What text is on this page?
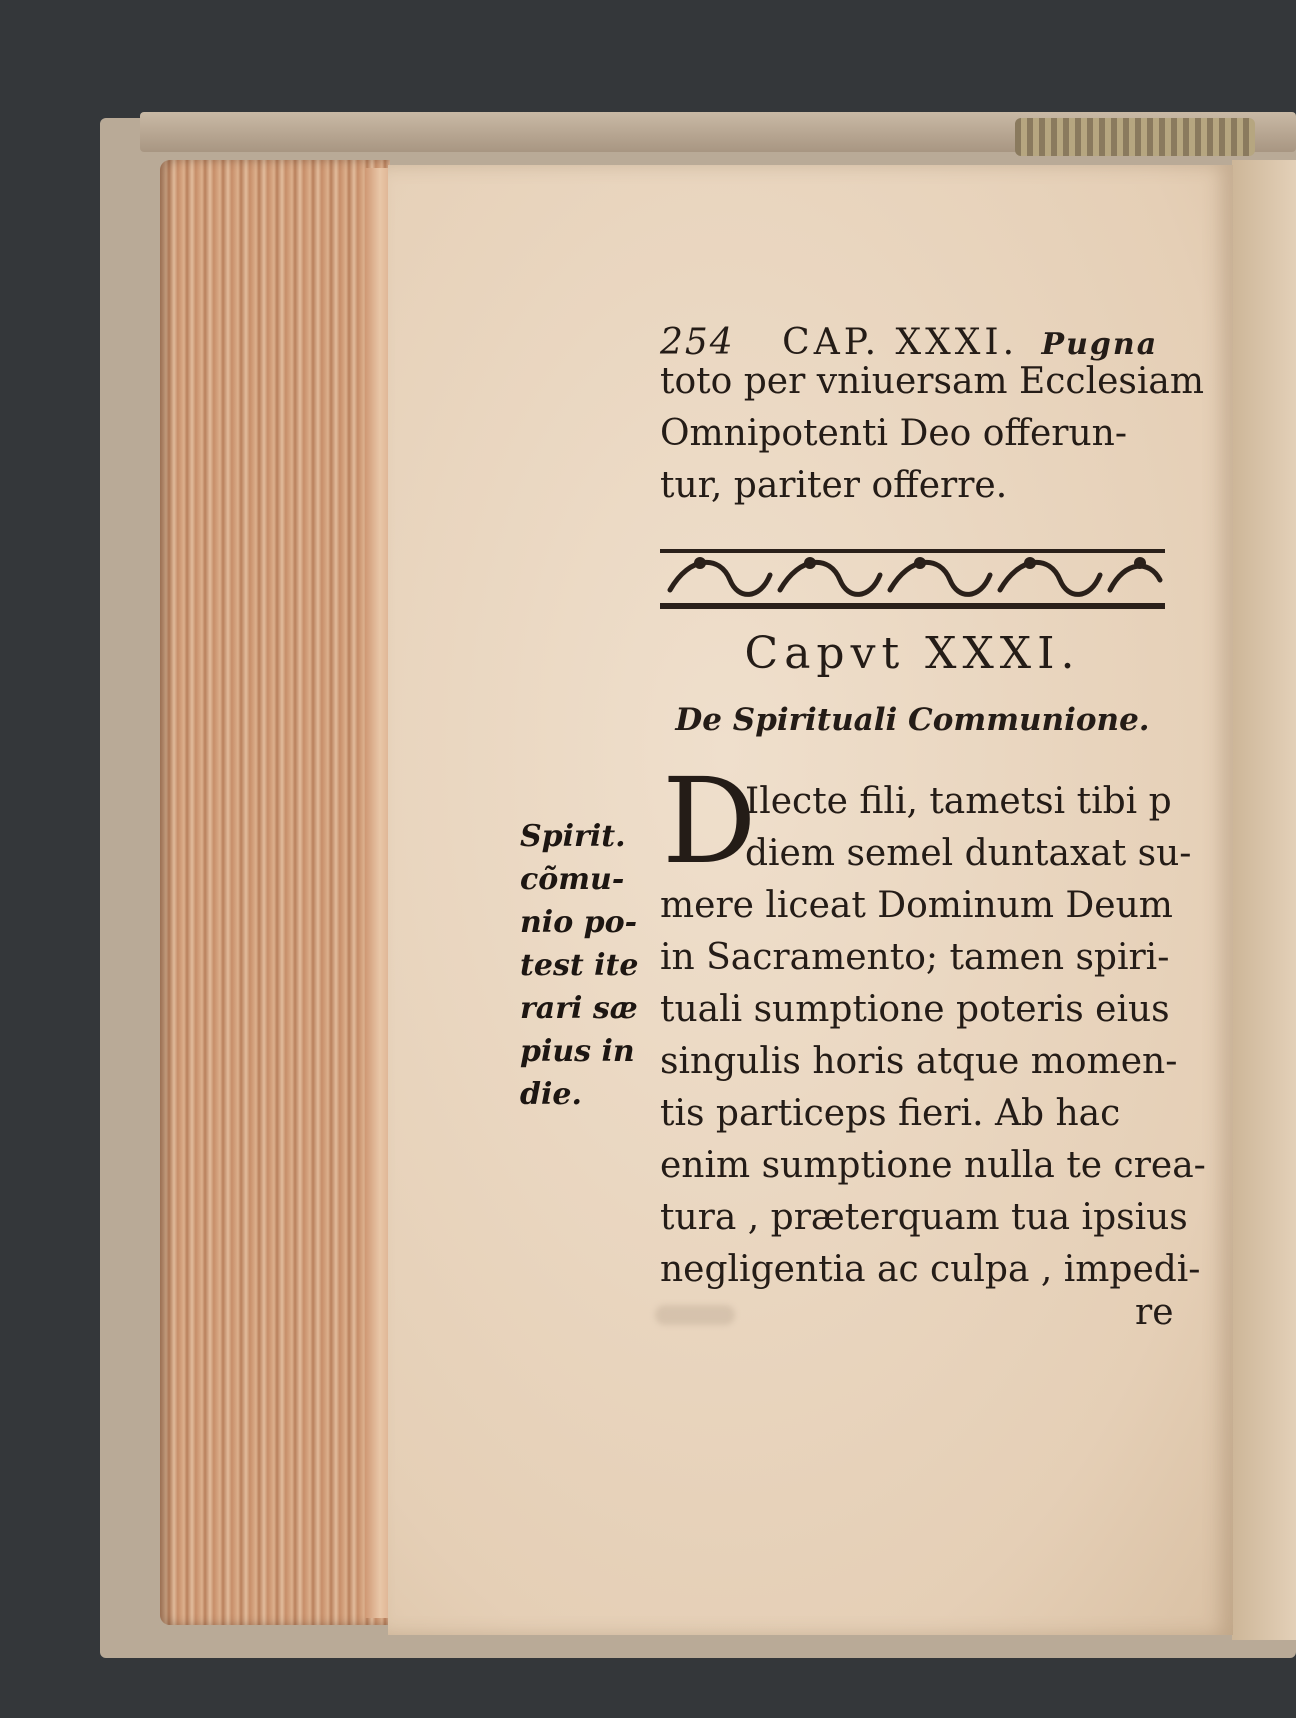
254 CAP. XXXI. Pugna
toto per vniuersam Ecclesiam
Omnipotenti Deo offerun-
tur, pariter offerre.
Capvt XXXI.
De Spirituali Communione.
D
Ilecte fili, tametsi tibi p
diem semel duntaxat su-
mere liceat Dominum Deum
in Sacramento; tamen spiri-
tuali sumptione poteris eius
singulis horis atque momen-
tis particeps fieri. Ab hac
enim sumptione nulla te crea-
tura , præterquam tua ipsius
negligentia ac culpa , impedi-
re
Spirit.
cõmu-
nio po-
test ite
rari sæ
pius in
die.
